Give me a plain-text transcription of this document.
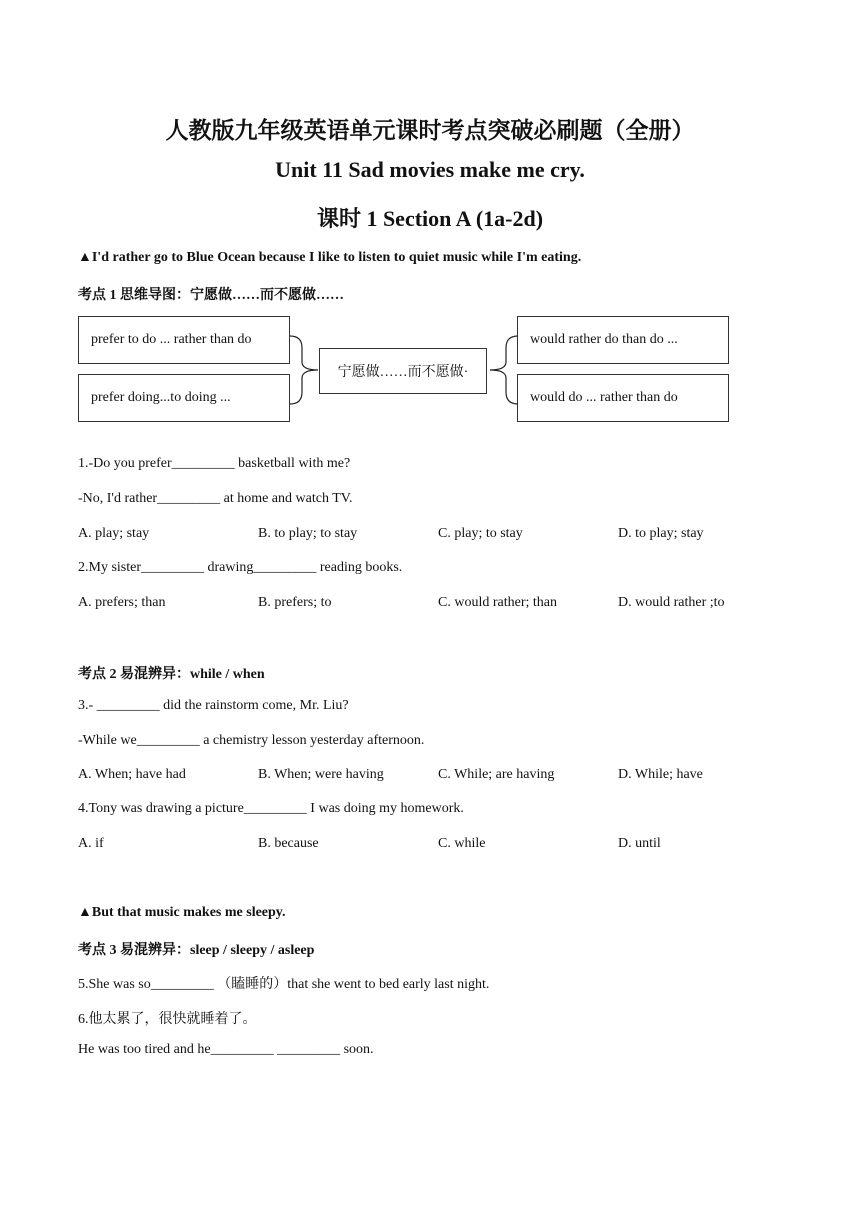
人教版九年级英语单元课时考点突破必刷题（全册）
Unit 11 Sad movies make me cry.
课时 1 Section A (1a-2d)
▲I'd rather go to Blue Ocean because I like to listen to quiet music while I'm eating.
考点 1 思维导图：宁愿做……而不愿做……
prefer to do ... rather than do
prefer doing...to doing ...
宁愿做……而不愿做·
would rather do than do ...
would do ... rather than do
1.-Do you prefer_________ basketball with me?
-No, I'd rather_________ at home and watch TV.
A. play; stay	B. to play; to stay	C. play; to stay	D. to play; stay
2.My sister_________ drawing_________ reading books.
A. prefers; than	B. prefers; to	C. would rather; than	D. would rather ;to
考点 2 易混辨异：while / when
3.- _________ did the rainstorm come, Mr. Liu?
-While we_________ a chemistry lesson yesterday afternoon.
A. When; have had	B. When; were having	C. While; are having	D. While; have
4.Tony was drawing a picture_________ I was doing my homework.
A. if	B. because	C. while	D. until
▲But that music makes me sleepy.
考点 3 易混辨异：sleep / sleepy / asleep
5.She was so_________ （瞌睡的）that she went to bed early last night.
6.他太累了，很快就睡着了。
He was too tired and he_________ _________ soon.
